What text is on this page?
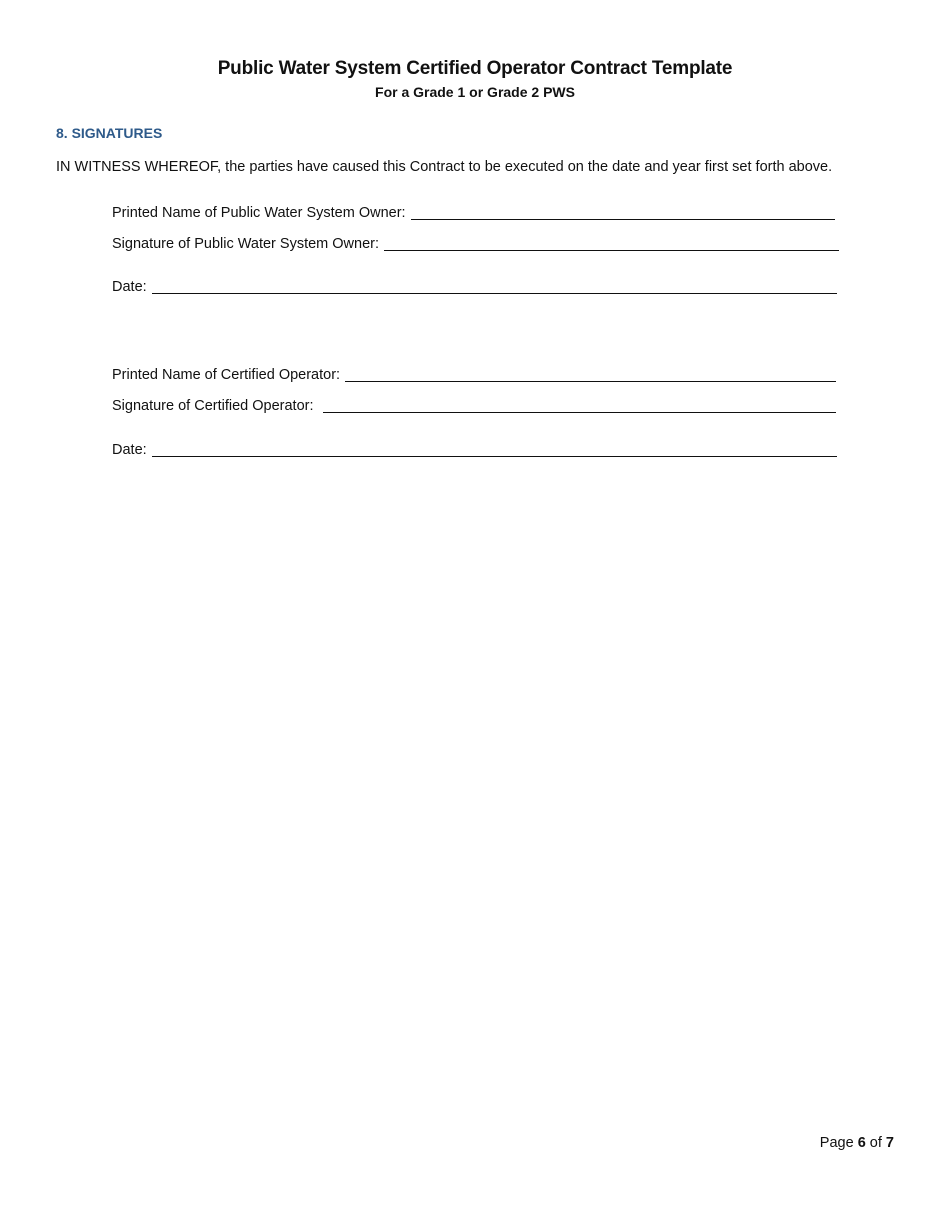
Public Water System Certified Operator Contract Template
For a Grade 1 or Grade 2 PWS
8. SIGNATURES
IN WITNESS WHEREOF, the parties have caused this Contract to be executed on the date and year first set forth above.
Printed Name of Public Water System Owner:
Signature of Public Water System Owner:
Date:
Printed Name of Certified Operator:
Signature of Certified Operator:
Date:
Page 6 of 7
